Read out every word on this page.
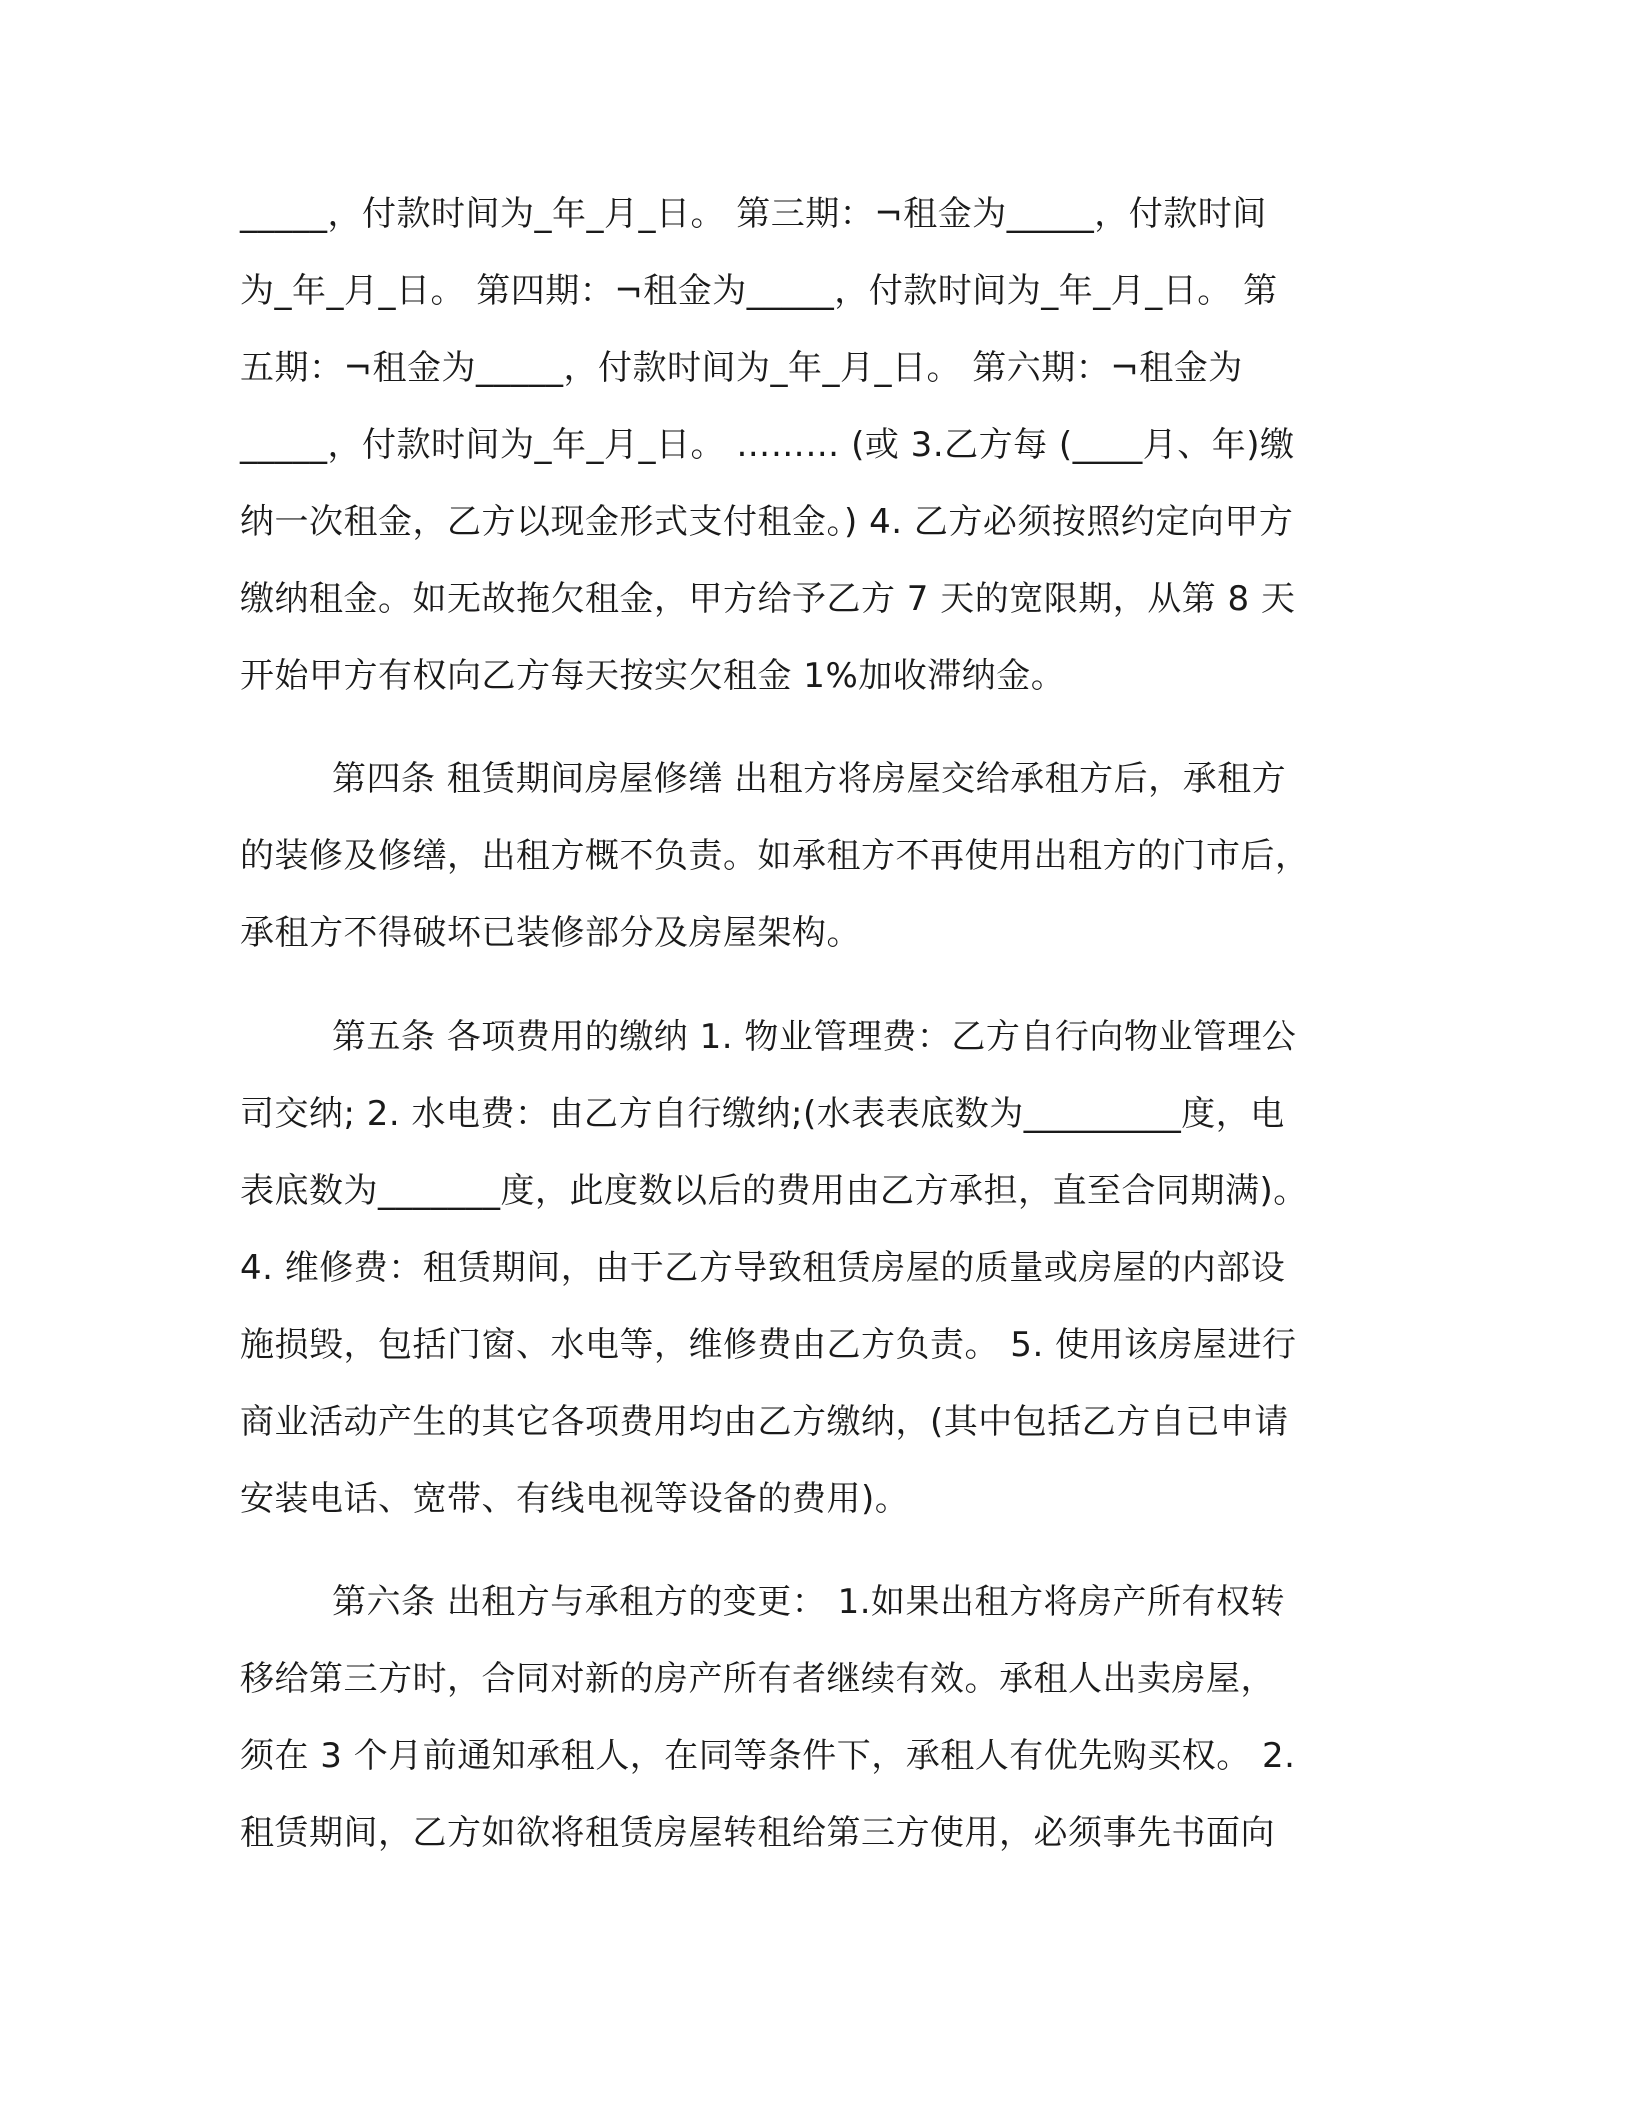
_____，付款时间为_年_月_日。 第三期：¬租金为_____，付款时间
为_年_月_日。 第四期：¬租金为_____，付款时间为_年_月_日。 第
五期：¬租金为_____，付款时间为_年_月_日。 第六期：¬租金为
_____，付款时间为_年_月_日。 ……… (或 3.乙方每 (____月、年)缴
纳一次租金，乙方以现金形式支付租金。) 4. 乙方必须按照约定向甲方
缴纳租金。如无故拖欠租金，甲方给予乙方 7 天的宽限期，从第 8 天
开始甲方有权向乙方每天按实欠租金 1%加收滞纳金。
第四条 租赁期间房屋修缮 出租方将房屋交给承租方后，承租方
的装修及修缮，出租方概不负责。如承租方不再使用出租方的门市后，
承租方不得破坏已装修部分及房屋架构。
第五条 各项费用的缴纳 1. 物业管理费：乙方自行向物业管理公
司交纳; 2. 水电费：由乙方自行缴纳;(水表表底数为_________度，电
表底数为_______度，此度数以后的费用由乙方承担，直至合同期满)。
4. 维修费：租赁期间，由于乙方导致租赁房屋的质量或房屋的内部设
施损毁，包括门窗、水电等，维修费由乙方负责。 5. 使用该房屋进行
商业活动产生的其它各项费用均由乙方缴纳，(其中包括乙方自已申请
安装电话、宽带、有线电视等设备的费用)。
第六条 出租方与承租方的变更： 1.如果出租方将房产所有权转
移给第三方时，合同对新的房产所有者继续有效。承租人出卖房屋，
须在 3 个月前通知承租人，在同等条件下，承租人有优先购买权。 2.
租赁期间，乙方如欲将租赁房屋转租给第三方使用，必须事先书面向
